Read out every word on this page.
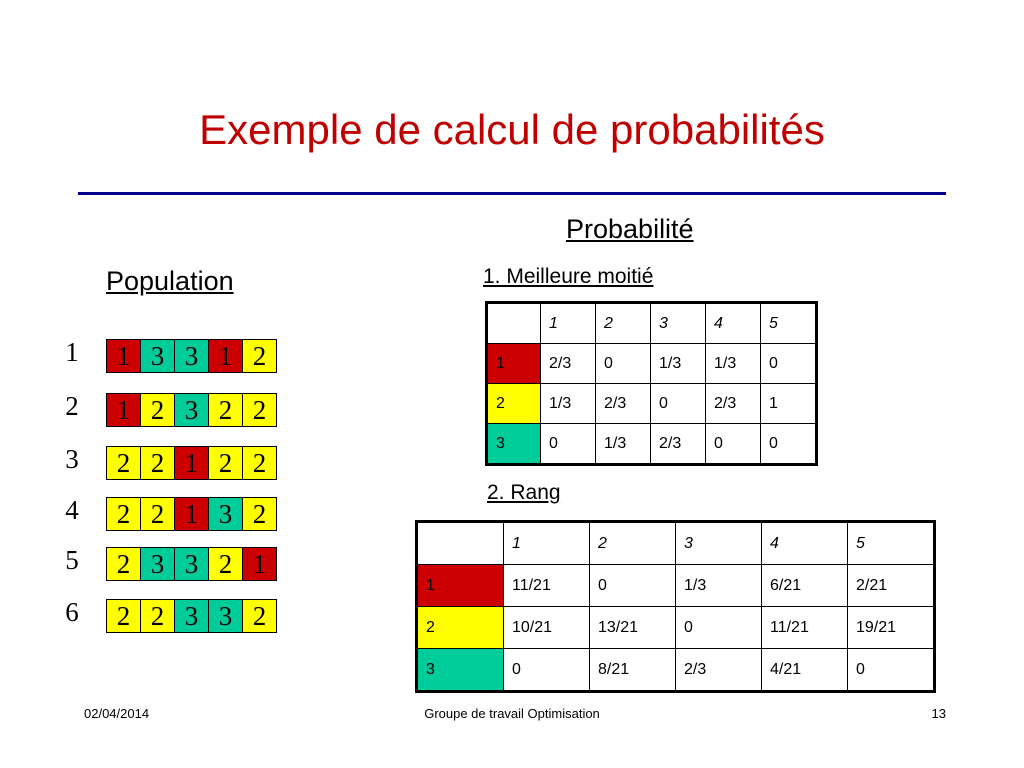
Exemple de calcul de probabilités
Probabilité
Population	1. Meilleure moitié
2. Rang
1	1 3 3 1 2
2	1 2 3 2 2
3	2 2 1 2 2
4	2 2 1 3 2
5	2 3 3 2 1
6	2 2 3 3 2
	1	2	3	4	5
1	2/3	0	1/3	1/3	0
2	1/3	2/3	0	2/3	1
3	0	1/3	2/3	0	0
	1	2	3	4	5
1	11/21	0	1/3	6/21	2/21
2	10/21	13/21	0	11/21	19/21
3	0	8/21	2/3	4/21	0
02/04/2014	Groupe de travail Optimisation	13
